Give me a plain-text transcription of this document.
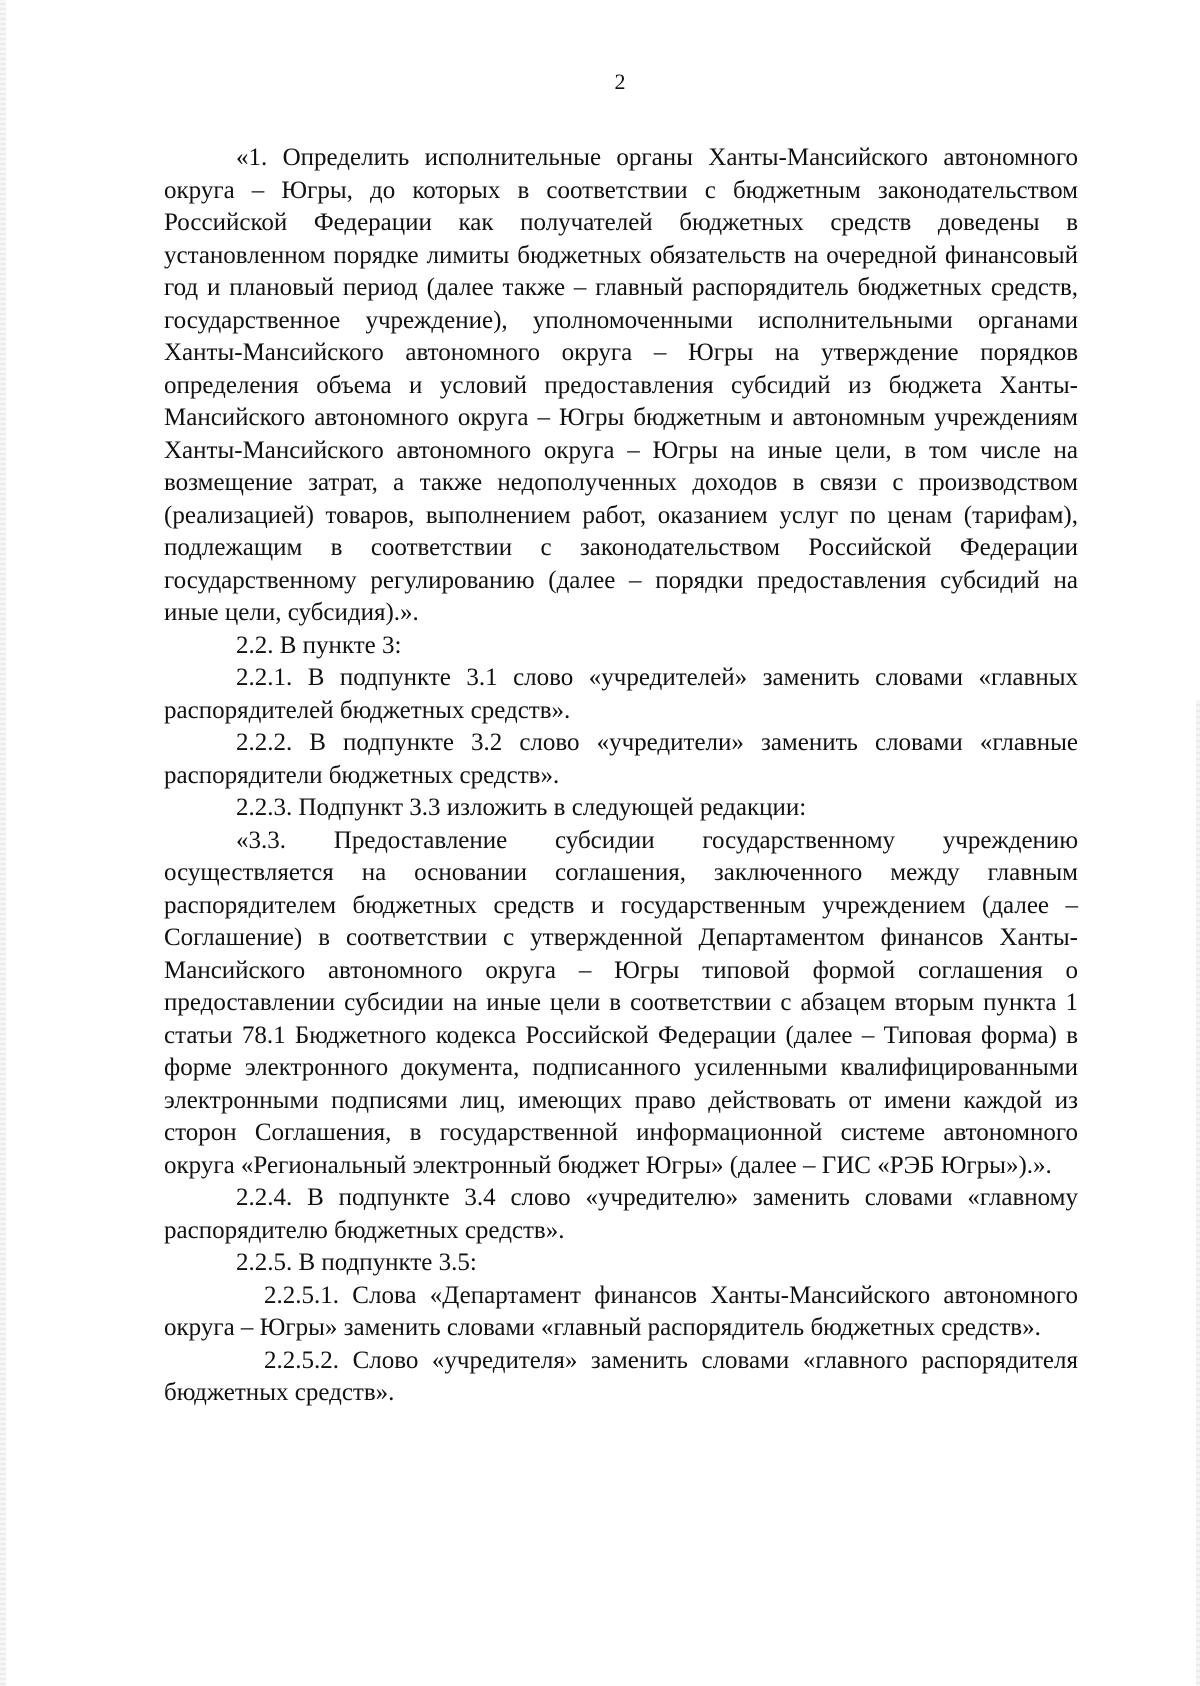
2

«1. Определить исполнительные органы Ханты-Мансийского автономного округа – Югры, до которых в соответствии с бюджетным законодательством Российской Федерации как получателей бюджетных средств доведены в установленном порядке лимиты бюджетных обязательств на очередной финансовый год и плановый период (далее также – главный распорядитель бюджетных средств, государственное учреждение), уполномоченными исполнительными органами Ханты-Мансийского автономного округа – Югры на утверждение порядков определения объема и условий предоставления субсидий из бюджета Ханты-Мансийского автономного округа – Югры бюджетным и автономным учреждениям Ханты-Мансийского автономного округа – Югры на иные цели, в том числе на возмещение затрат, а также недополученных доходов в связи с производством (реализацией) товаров, выполнением работ, оказанием услуг по ценам (тарифам), подлежащим в соответствии с законодательством Российской Федерации государственному регулированию (далее – порядки предоставления субсидий на иные цели, субсидия).».

2.2. В пункте 3:

2.2.1. В подпункте 3.1 слово «учредителей» заменить словами «главных распорядителей бюджетных средств».

2.2.2. В подпункте 3.2 слово «учредители» заменить словами «главные распорядители бюджетных средств».

2.2.3. Подпункт 3.3 изложить в следующей редакции:

«3.3. Предоставление субсидии государственному учреждению осуществляется на основании соглашения, заключенного между главным распорядителем бюджетных средств и государственным учреждением (далее – Соглашение) в соответствии с утвержденной Департаментом финансов Ханты-Мансийского автономного округа – Югры типовой формой соглашения о предоставлении субсидии на иные цели в соответствии с абзацем вторым пункта 1 статьи 78.1 Бюджетного кодекса Российской Федерации (далее – Типовая форма) в форме электронного документа, подписанного усиленными квалифицированными электронными подписями лиц, имеющих право действовать от имени каждой из сторон Соглашения, в государственной информационной системе автономного округа «Региональный электронный бюджет Югры» (далее – ГИС «РЭБ Югры»).».

2.2.4. В подпункте 3.4 слово «учредителю» заменить словами «главному распорядителю бюджетных средств».

2.2.5. В подпункте 3.5:

2.2.5.1. Слова «Департамент финансов Ханты-Мансийского автономного округа – Югры» заменить словами «главный распорядитель бюджетных средств».

2.2.5.2. Слово «учредителя» заменить словами «главного распорядителя бюджетных средств».
